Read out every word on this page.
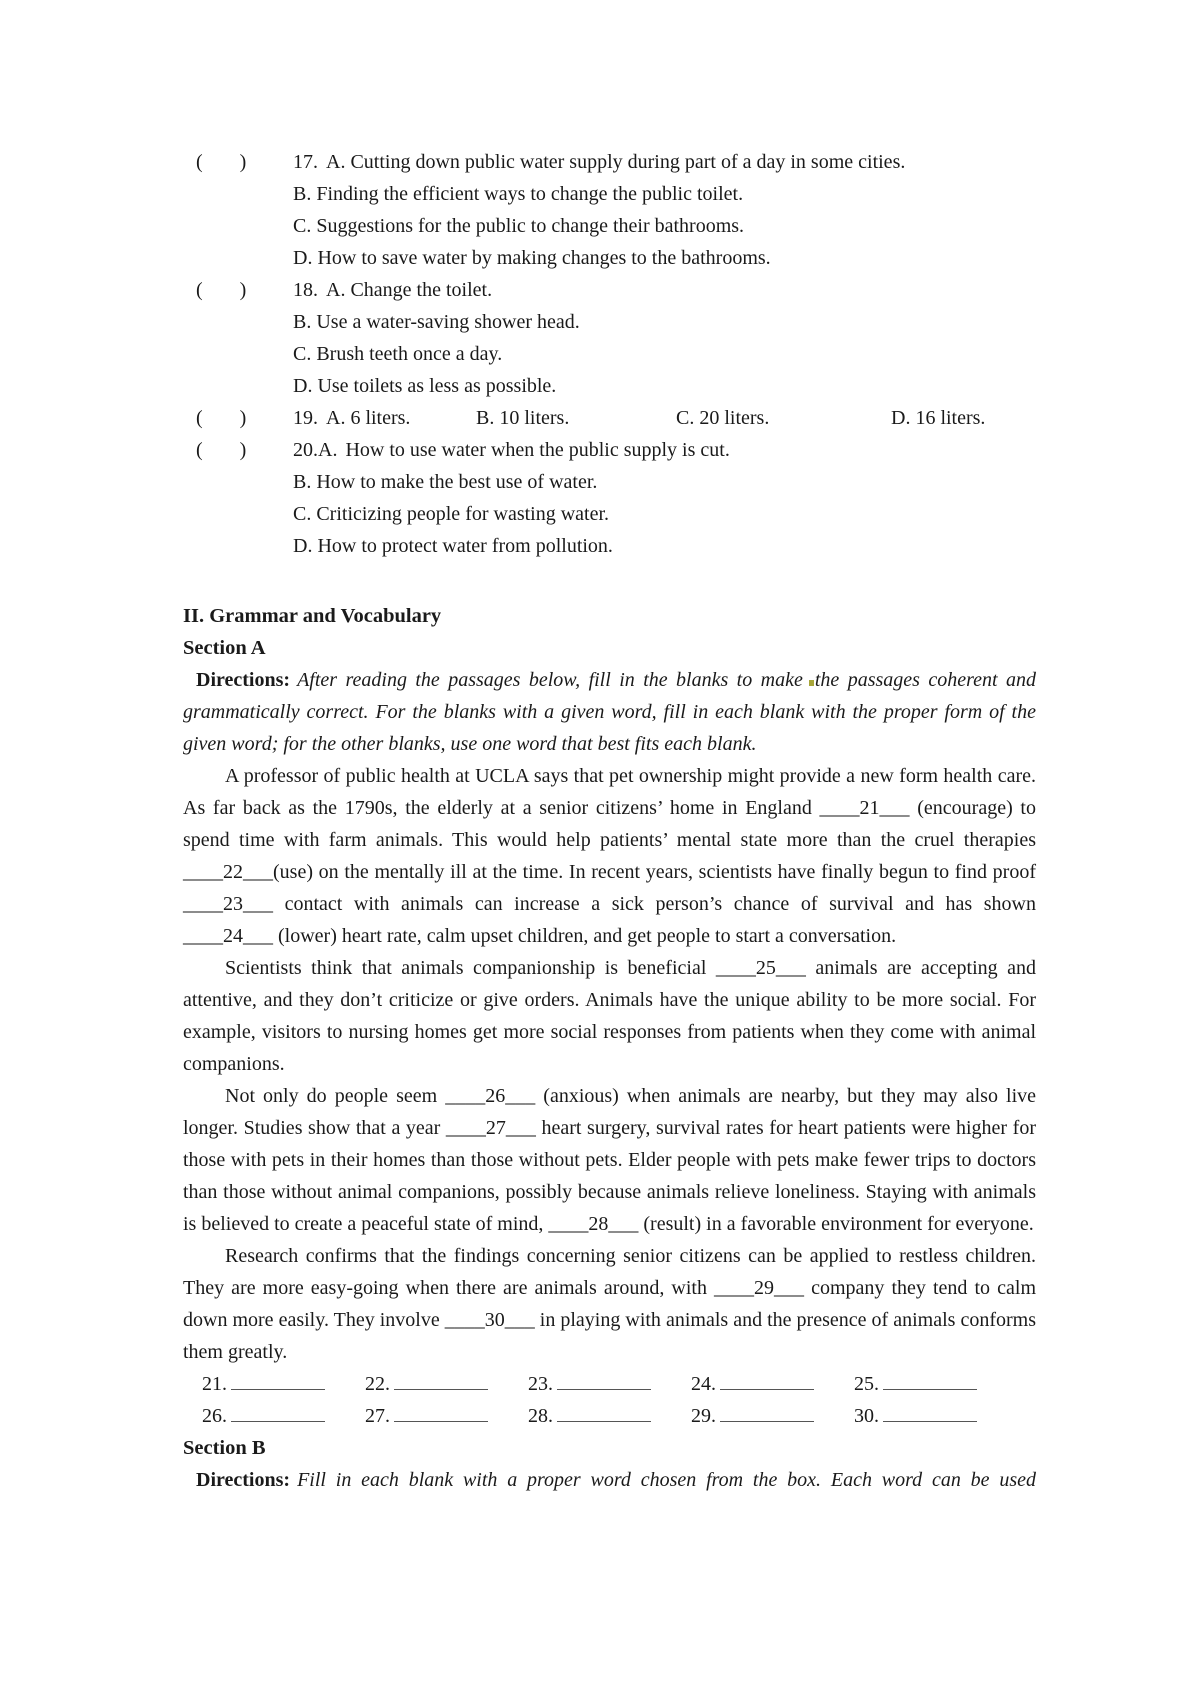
( ) 17. A. Cutting down public water supply during part of a day in some cities.
B. Finding the efficient ways to change the public toilet.
C. Suggestions for the public to change their bathrooms.
D. How to save water by making changes to the bathrooms.
( ) 18. A. Change the toilet.
B. Use a water-saving shower head.
C. Brush teeth once a day.
D. Use toilets as less as possible.
( ) 19. A. 6 liters.	B. 10 liters.	C. 20 liters.	D. 16 liters.
( ) 20.A. How to use water when the public supply is cut.
B. How to make the best use of water.
C. Criticizing people for wasting water.
D. How to protect water from pollution.
II. Grammar and Vocabulary
Section A

Directions: After reading the passages below, fill in the blanks to make the passages coherent and grammatically correct. For the blanks with a given word, fill in each blank with the proper form of the given word; for the other blanks, use one word that best fits each blank.

A professor of public health at UCLA says that pet ownership might provide a new form health care. As far back as the 1790s, the elderly at a senior citizens’ home in England ____21___ (encourage) to spend time with farm animals. This would help patients’ mental state more than the cruel therapies ____22___(use) on the mentally ill at the time. In recent years, scientists have finally begun to find proof ____23___ contact with animals can increase a sick person’s chance of survival and has shown ____24___ (lower) heart rate, calm upset children, and get people to start a conversation.

Scientists think that animals companionship is beneficial ____25___ animals are accepting and attentive, and they don’t criticize or give orders. Animals have the unique ability to be more social. For example, visitors to nursing homes get more social responses from patients when they come with animal companions.

Not only do people seem ____26___ (anxious) when animals are nearby, but they may also live longer. Studies show that a year ____27___ heart surgery, survival rates for heart patients were higher for those with pets in their homes than those without pets. Elder people with pets make fewer trips to doctors than those without animal companions, possibly because animals relieve loneliness. Staying with animals is believed to create a peaceful state of mind, ____28___ (result) in a favorable environment for everyone.

Research confirms that the findings concerning senior citizens can be applied to restless children. They are more easy-going when there are animals around, with ____29___ company they tend to calm down more easily. They involve ____30___ in playing with animals and the presence of animals conforms them greatly.

21.	22.	23.	24.	25.
26.	27.	28.	29.	30.
Section B

Directions: Fill in each blank with a proper word chosen from the box. Each word can be used
